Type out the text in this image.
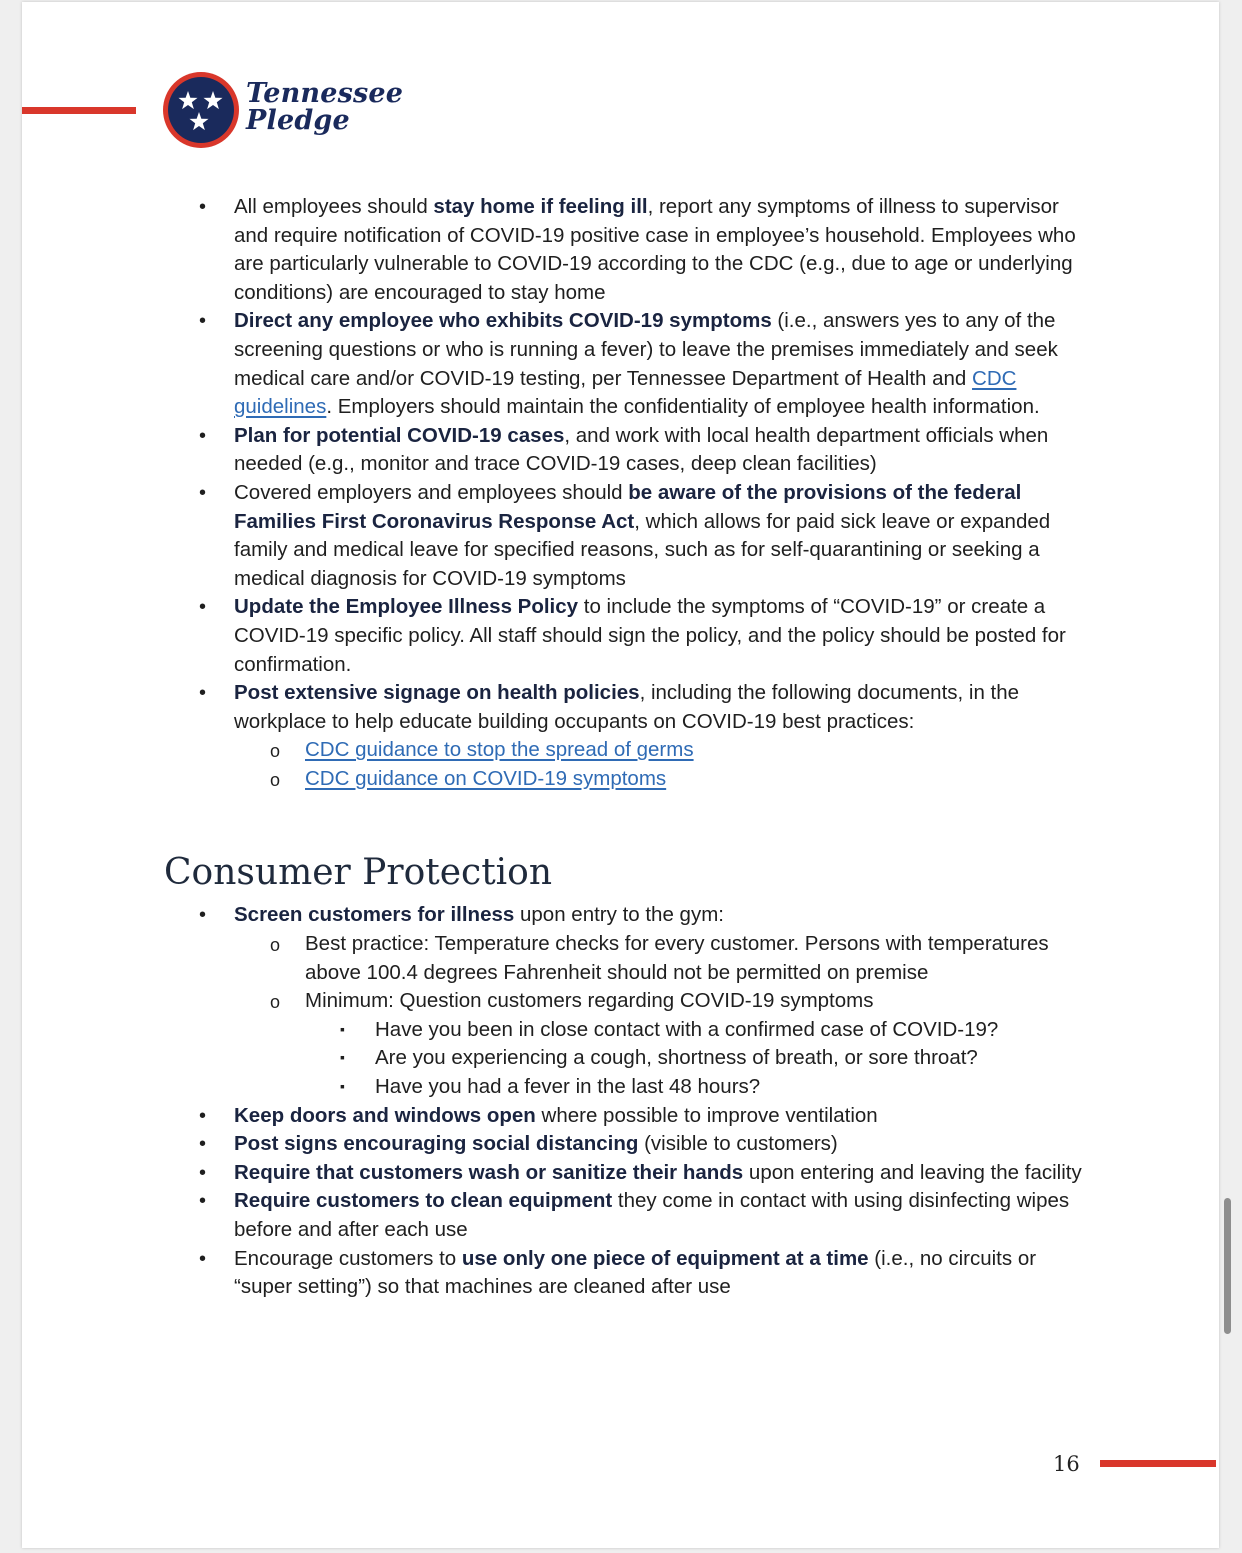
Tennessee
Pledge
• All employees should stay home if feeling ill, report any symptoms of illness to supervisor and require notification of COVID-19 positive case in employee’s household. Employees who are particularly vulnerable to COVID-19 according to the CDC (e.g., due to age or underlying conditions) are encouraged to stay home
• Direct any employee who exhibits COVID-19 symptoms (i.e., answers yes to any of the screening questions or who is running a fever) to leave the premises immediately and seek medical care and/or COVID-19 testing, per Tennessee Department of Health and CDC guidelines. Employers should maintain the confidentiality of employee health information.
• Plan for potential COVID-19 cases, and work with local health department officials when needed (e.g., monitor and trace COVID-19 cases, deep clean facilities)
• Covered employers and employees should be aware of the provisions of the federal Families First Coronavirus Response Act, which allows for paid sick leave or expanded family and medical leave for specified reasons, such as for self-quarantining or seeking a medical diagnosis for COVID-19 symptoms
• Update the Employee Illness Policy to include the symptoms of “COVID-19” or create a COVID-19 specific policy. All staff should sign the policy, and the policy should be posted for confirmation.
• Post extensive signage on health policies, including the following documents, in the workplace to help educate building occupants on COVID-19 best practices:
o CDC guidance to stop the spread of germs
o CDC guidance on COVID-19 symptoms
Consumer Protection
• Screen customers for illness upon entry to the gym:
o Best practice: Temperature checks for every customer. Persons with temperatures above 100.4 degrees Fahrenheit should not be permitted on premise
o Minimum: Question customers regarding COVID-19 symptoms
▪ Have you been in close contact with a confirmed case of COVID-19?
▪ Are you experiencing a cough, shortness of breath, or sore throat?
▪ Have you had a fever in the last 48 hours?
• Keep doors and windows open where possible to improve ventilation
• Post signs encouraging social distancing (visible to customers)
• Require that customers wash or sanitize their hands upon entering and leaving the facility
• Require customers to clean equipment they come in contact with using disinfecting wipes before and after each use
• Encourage customers to use only one piece of equipment at a time (i.e., no circuits or “super setting”) so that machines are cleaned after use
16
